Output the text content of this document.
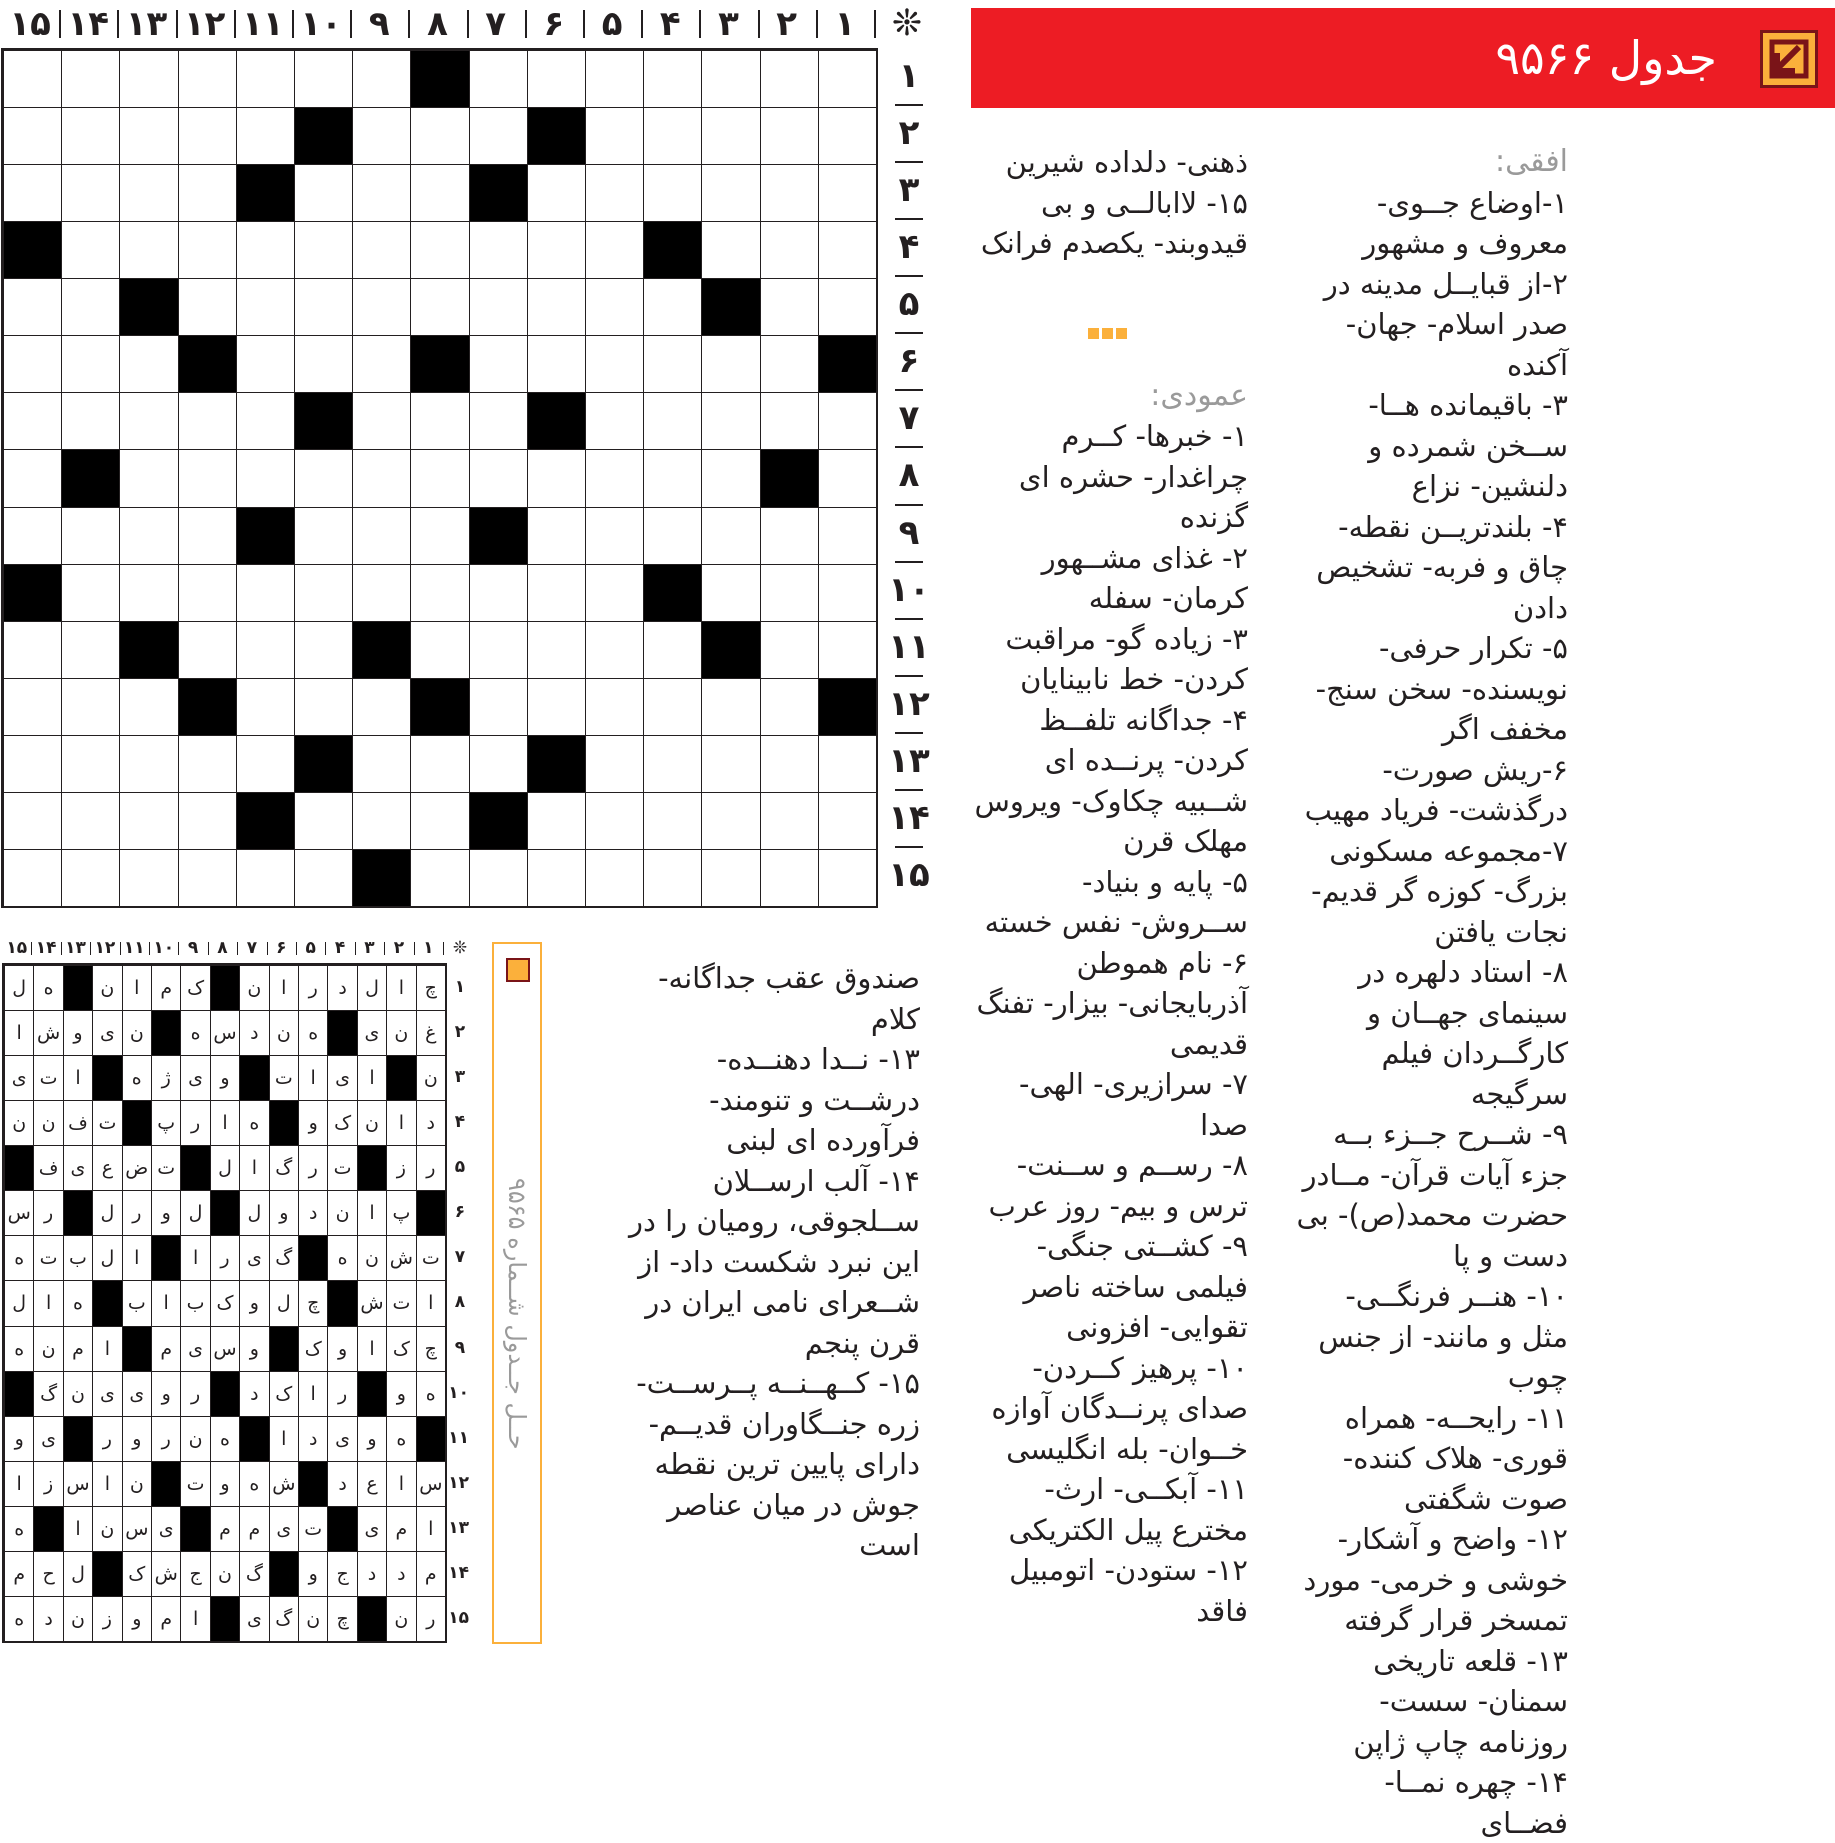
۱
۲
۳
۴
۵
۶
۷
۸
۹
۱۰
۱۱
۱۲
۱۳
۱۴
۱۵	❊
۱
۲
۳
۴
۵
۶
۷
۸
۹
۱۰
۱۱
۱۲
۱۳
۱۴
۱۵
جدول ۹۵۶۶
افقی:

۱-اوضاع جــوی- معروف و مشهور

۲-از قبایــل مدینه در صدر اسلام- جهان- آکنده

۳- باقیمانده هــا- ســخن شمرده و دلنشین- نزاع

۴- بلندتریــن نقطه- چاق و فربه- تشخیص دادن

۵- تکرار حرفی- نویسنده- سخن سنج- مخفف اگر

۶-ریش صورت- درگذشت- فریاد مهیب

۷-مجموعه مسکونی بزرگ- کوزه گر قدیم- نجات یافتن

۸- استاد دلهره در سینمای جهــان و کارگــردان فیلم سرگیجه

۹- شــرح جــزء بــه جزء آیات قرآن- مــادر حضرت محمد(ص)- بی دست و پا

۱۰- هنــر فرنگــی- مثل و مانند- از جنس چوب

۱۱- رایحــه- همراه قوری- هلاک کننده- صوت شگفتی

۱۲- واضح و آشکار- خوشی و خرمی- مورد تمسخر قرار گرفته

۱۳- قلعه تاریخی سمنان- سست- روزنامه چاپ ژاپن

۱۴- چهره نمــا- فضــای

ذهنی- دلداده شیرین

۱۵- لاابالــی و بی قیدوبند- یکصدم فرانک

عمودی:

۱- خبرها- کــرم چراغدار- حشره ای گزنده

۲- غذای مشــهور کرمان- سفله

۳- زیاده گو- مراقبت کردن- خط نابینایان

۴- جداگانه تلفــظ کردن- پرنــده ای شــبیه چکاوک- ویروس مهلک قرن

۵- پایه و بنیاد- ســروش- نفس خسته

۶- نام هموطن آذربایجانی- بیزار- تفنگ قدیمی

۷- سرازیری- الهی- صدا

۸- رســم و ســنت- ترس و بیم- روز عرب

۹- کشــتی جنگی- فیلمی ساخته ناصر تقوایی- افزونی

۱۰- پرهیز کــردن- صدای پرنــدگان آوازه خــوان- بله انگلیسی

۱۱- آبکــی- ارث- مخترع پیل الکتریکی

۱۲- ستودن- اتومبیل فاقد

صندوق عقب جداگانه- کلام

۱۳- نــدا دهنــده- درشــت و تنومند- فرآورده ای لبنی

۱۴- آلب ارســلان ســلجوقی، رومیان را در این نبرد شکست داد- از شــعرای نامی ایران در قرن پنجم

۱۵- کــهــنــه پــرســت- زره جنــگاوران قدیــم- دارای پایین ترین نقطه جوش در میان عناصر است

حــل جــدول شــماره ۹۵۶۵
۱
۲
۳
۴
۵
۶
۷
۸
۹
۱۰
۱۱
۱۲
۱۳
۱۴
۱۵	❊
چ
ا
ل
د
ر
ا
ن
ک
م
ا
ن
ه
ل
غ
ن
ی
ه
ن
د
س
ه
ن
ی
و
ش
ا
ن
ا
ی
ا
ت
و
ی
ژ
ه
ا
ت
ی
د
ا
ن
ک
و
ه
ا
ر
پ
ت
ف
ن
ن
ر
ز
ت
ر
گ
ا
ل
ت
ض
ع
ی
ف
پ
ا
ن
د
و
ل
ل
و
ر
ل
ر
س
ت
ش
ن
ه
گ
ی
ر
ا
ا
ل
ب
ت
ه
ا
ت
ش
چ
ل
و
ک
ب
ا
ب
ه
ا
ل
چ
ک
ا
و
ک
و
س
ی
م
ا
م
ن
ه
ه
و
ر
ا
ک
د
ر
و
ی
ی
ن
گ
ه
و
ی
د
ا
ه
ن
ر
و
ر
ی
و
س
ا
ع
د
ش
ه
و
ت
ن
ا
س
ز
ا
ا
م
ی
ت
ی
م
م
ی
س
ن
ا
ه
م
د
د
ج
و
گ
ن
ج
ش
ک
ل
ح
م
ر
ن
چ
ن
گ
ی
ا
م
و
ز
ن
د
ه
۱
۲
۳
۴
۵
۶
۷
۸
۹
۱۰
۱۱
۱۲
۱۳
۱۴
۱۵
